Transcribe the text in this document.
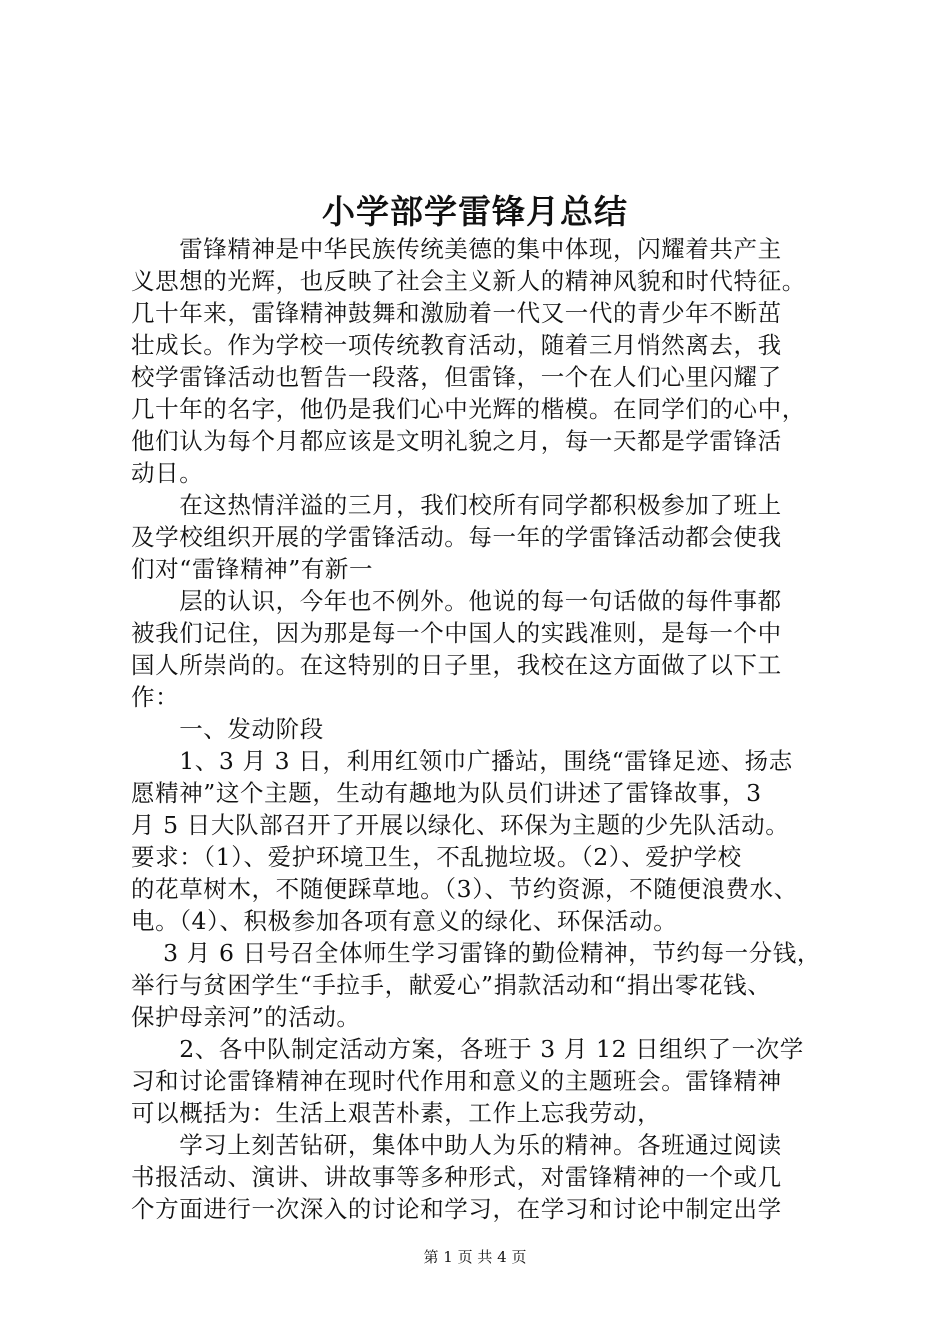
小学部学雷锋月总结
　　雷锋精神是中华民族传统美德的集中体现，闪耀着共产主
义思想的光辉，也反映了社会主义新人的精神风貌和时代特征。
几十年来，雷锋精神鼓舞和激励着一代又一代的青少年不断茁
壮成长。作为学校一项传统教育活动，随着三月悄然离去，我
校学雷锋活动也暂告一段落，但雷锋，一个在人们心里闪耀了
几十年的名字，他仍是我们心中光辉的楷模。在同学们的心中，
他们认为每个月都应该是文明礼貌之月，每一天都是学雷锋活
动日。
　　在这热情洋溢的三月，我们校所有同学都积极参加了班上
及学校组织开展的学雷锋活动。每一年的学雷锋活动都会使我
们对“雷锋精神”有新一
　　层的认识，今年也不例外。他说的每一句话做的每件事都
被我们记住，因为那是每一个中国人的实践准则，是每一个中
国人所崇尚的。在这特别的日子里，我校在这方面做了以下工
作：
　　一、发动阶段
　　1、3 月 3 日，利用红领巾广播站，围绕“雷锋足迹、扬志
愿精神”这个主题，生动有趣地为队员们讲述了雷锋故事，3
月 5 日大队部召开了开展以绿化、环保为主题的少先队活动。
要求：（1）、爱护环境卫生，不乱抛垃圾。（2）、爱护学校
的花草树木，不随便踩草地。（3）、节约资源，不随便浪费水、
电。（4）、积极参加各项有意义的绿化、环保活动。
　 3 月 6 日号召全体师生学习雷锋的勤俭精神，节约每一分钱，
举行与贫困学生“手拉手，献爱心”捐款活动和“捐出零花钱、
保护母亲河”的活动。
　　2、各中队制定活动方案，各班于 3 月 12 日组织了一次学
习和讨论雷锋精神在现时代作用和意义的主题班会。雷锋精神
可以概括为：生活上艰苦朴素，工作上忘我劳动，
　　学习上刻苦钻研，集体中助人为乐的精神。各班通过阅读
书报活动、演讲、讲故事等多种形式，对雷锋精神的一个或几
个方面进行一次深入的讨论和学习，在学习和讨论中制定出学
第 1 页 共 4 页
